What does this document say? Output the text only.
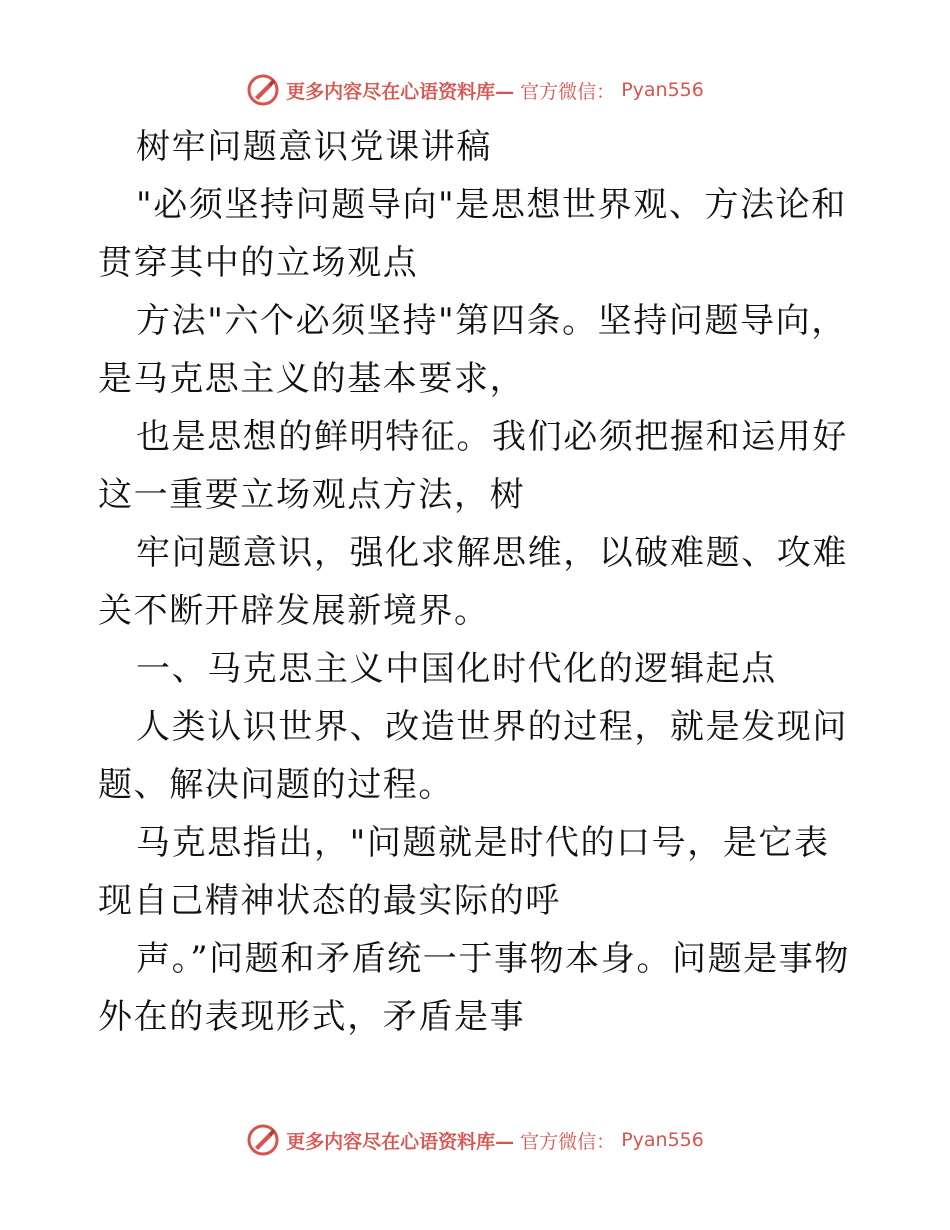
更多内容尽在心语资料库— 官方微信： Pyan556

树牢问题意识党课讲稿

"必须坚持问题导向"是思想世界观、方法论和贯穿其中的立场观点

方法"六个必须坚持"第四条。坚持问题导向，是马克思主义的基本要求，

也是思想的鲜明特征。我们必须把握和运用好这一重要立场观点方法，树

牢问题意识，强化求解思维，以破难题、攻难关不断开辟发展新境界。

一、马克思主义中国化时代化的逻辑起点

人类认识世界、改造世界的过程，就是发现问题、解决问题的过程。

马克思指出，"问题就是时代的口号，是它表现自己精神状态的最实际的呼

声。”问题和矛盾统一于事物本身。问题是事物外在的表现形式，矛盾是事

更多内容尽在心语资料库— 官方微信： Pyan556
